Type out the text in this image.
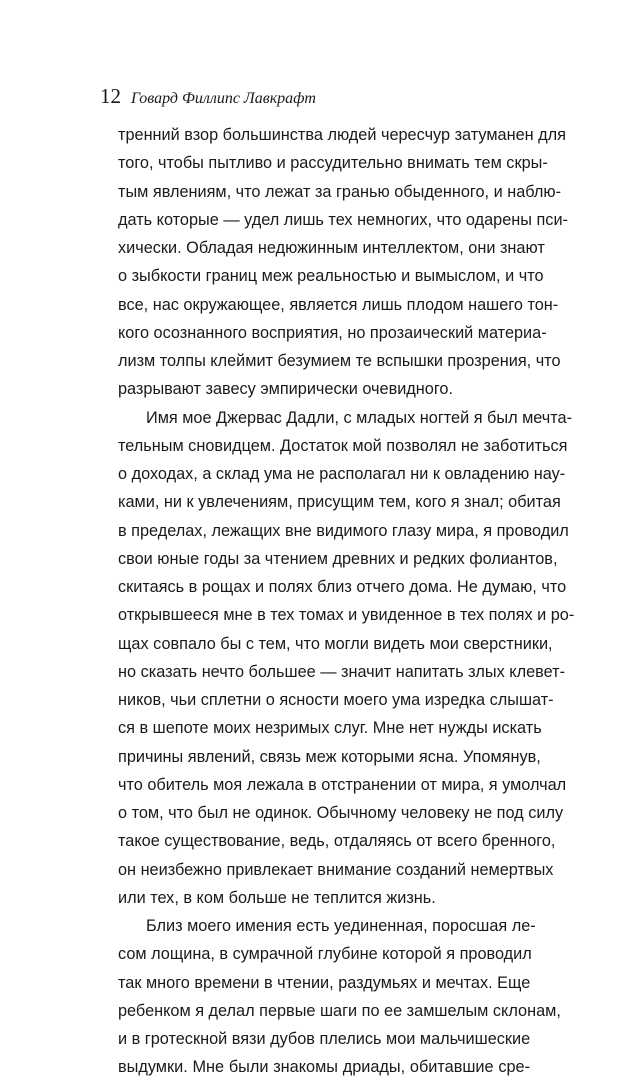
12 Говард Филлипс Лавкрафт
тренний взор большинства людей чересчур затуманен для
того, чтобы пытливо и рассудительно внимать тем скры-
тым явлениям, что лежат за гранью обыденного, и наблю-
дать которые — удел лишь тех немногих, что одарены пси-
хически. Обладая недюжинным интеллектом, они знают
о зыбкости границ меж реальностью и вымыслом, и что
все, нас окружающее, является лишь плодом нашего тон-
кого осознанного восприятия, но прозаический материа-
лизм толпы клеймит безумием те вспышки прозрения, что
разрывают завесу эмпирически очевидного.
Имя мое Джервас Дадли, с младых ногтей я был мечта-
тельным сновидцем. Достаток мой позволял не заботиться
о доходах, а склад ума не располагал ни к овладению нау-
ками, ни к увлечениям, присущим тем, кого я знал; обитая
в пределах, лежащих вне видимого глазу мира, я проводил
свои юные годы за чтением древних и редких фолиантов,
скитаясь в рощах и полях близ отчего дома. Не думаю, что
открывшееся мне в тех томах и увиденное в тех полях и ро-
щах совпало бы с тем, что могли видеть мои сверстники,
но сказать нечто большее — значит напитать злых клевет-
ников, чьи сплетни о ясности моего ума изредка слышат-
ся в шепоте моих незримых слуг. Мне нет нужды искать
причины явлений, связь меж которыми ясна. Упомянув,
что обитель моя лежала в отстранении от мира, я умолчал
о том, что был не одинок. Обычному человеку не под силу
такое существование, ведь, отдаляясь от всего бренного,
он неизбежно привлекает внимание созданий немертвых
или тех, в ком больше не теплится жизнь.
Близ моего имения есть уединенная, поросшая ле-
сом лощина, в сумрачной глубине которой я проводил
так много времени в чтении, раздумьях и мечтах. Еще
ребенком я делал первые шаги по ее замшелым склонам,
и в гротескной вязи дубов плелись мои мальчишеские
выдумки. Мне были знакомы дриады, обитавшие сре-
